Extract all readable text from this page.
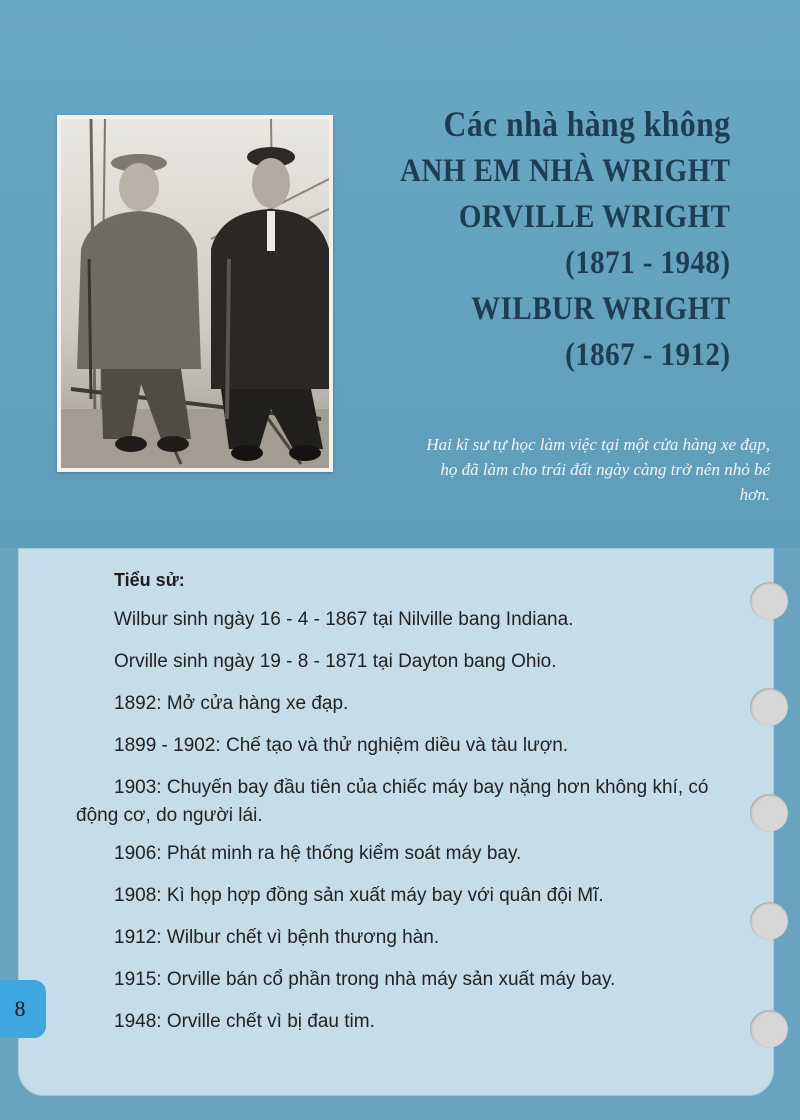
Các nhà hàng không
ANH EM NHÀ WRIGHT
ORVILLE WRIGHT
(1871 - 1948)
WILBUR WRIGHT
(1867 - 1912)
Hai kĩ sư tự học làm việc tại một cửa hàng xe đạp, họ đã làm cho trái đất ngày càng trở nên nhỏ bé hơn.
Tiểu sử:
Wilbur sinh ngày 16 - 4 - 1867 tại Nilville bang Indiana.
Orville sinh ngày 19 - 8 - 1871 tại Dayton bang Ohio.
1892: Mở cửa hàng xe đạp.
1899 - 1902: Chế tạo và thử nghiệm diều và tàu lượn.
1903: Chuyến bay đầu tiên của chiếc máy bay nặng hơn không khí, có động cơ, do người lái.
1906: Phát minh ra hệ thống kiểm soát máy bay.
1908: Kì họp hợp đồng sản xuất máy bay với quân đội Mĩ.
1912: Wilbur chết vì bệnh thương hàn.
1915: Orville bán cổ phần trong nhà máy sản xuất máy bay.
1948: Orville chết vì bị đau tim.
8
